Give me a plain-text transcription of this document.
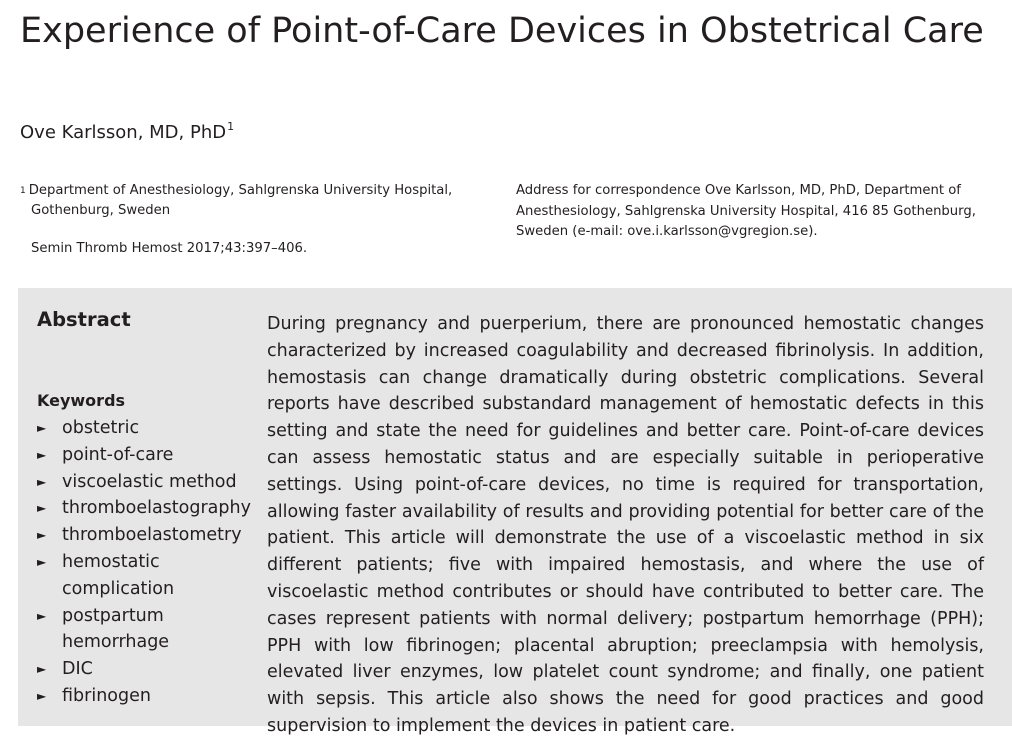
Experience of Point-of-Care Devices in Obstetrical Care

Ove Karlsson, MD, PhD$^1$

$^1$ Department of Anesthesiology, Sahlgrenska University Hospital,
Gothenburg, Sweden
Address for correspondence Ove Karlsson, MD, PhD, Department of Anesthesiology, Sahlgrenska University Hospital, 416 85 Gothenburg, Sweden (e-mail: ove.i.karlsson@vgregion.se).
Semin Thromb Hemost 2017;43:397–406.
Abstract
Keywords
► obstetric
► point-of-care
► viscoelastic method
► thromboelastography
► thromboelastometry
► hemostatic complication
► postpartum hemorrhage
► DIC
► fibrinogen

During pregnancy and puerperium, there are pronounced hemostatic changes characterized by increased coagulability and decreased fibrinolysis. In addition, hemostasis can change dramatically during obstetric complications. Several reports have described substandard management of hemostatic defects in this setting and state the need for guidelines and better care. Point-of-care devices can assess hemostatic status and are especially suitable in perioperative settings. Using point-of-care devices, no time is required for transportation, allowing faster availability of results and providing potential for better care of the patient. This article will demonstrate the use of a viscoelastic method in six different patients; five with impaired hemostasis, and where the use of viscoelastic method contributes or should have contributed to better care. The cases represent patients with normal delivery; postpartum hemorrhage (PPH); PPH with low fibrinogen; placental abruption; preeclampsia with hemolysis, elevated liver enzymes, low platelet count syndrome; and finally, one patient with sepsis. This article also shows the need for good practices and good supervision to implement the devices in patient care.
